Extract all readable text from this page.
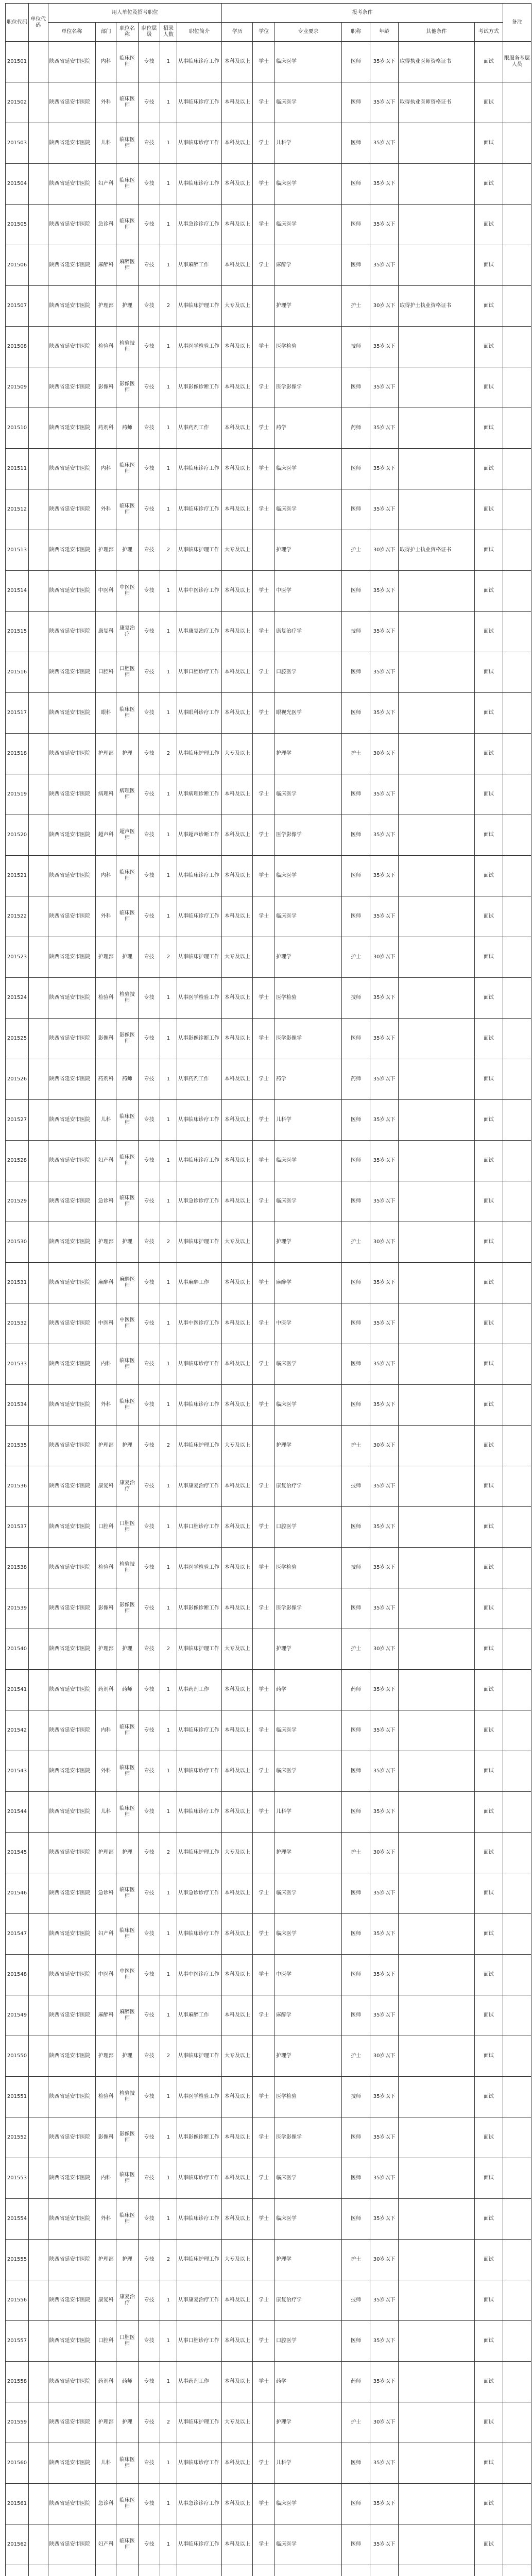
职位代码	单位代码	用人单位及招考职位						报考条件							备注
		单位名称	部门	职位名称	职位层级	招录人数	职位简介	学历	学位	专业要求	职称	年龄	其他条件	考试方式	
201501		陕西省延安市医院	内科	临床医师	专技	1	从事临床诊疗工作	本科及以上	学士	临床医学	医师	35岁以下	取得执业医师资格证书	面试	限服务基层人员
201502		陕西省延安市医院	外科	临床医师	专技	1	从事临床诊疗工作	本科及以上	学士	临床医学	医师	35岁以下	取得执业医师资格证书	面试	
201503		陕西省延安市医院	儿科	临床医师	专技	1	从事临床诊疗工作	本科及以上	学士	儿科学	医师	35岁以下		面试	
201504		陕西省延安市医院	妇产科	临床医师	专技	1	从事临床诊疗工作	本科及以上	学士	临床医学	医师	35岁以下		面试	
201505		陕西省延安市医院	急诊科	临床医师	专技	1	从事急诊诊疗工作	本科及以上	学士	临床医学	医师	35岁以下		面试	
201506		陕西省延安市医院	麻醉科	麻醉医师	专技	1	从事麻醉工作	本科及以上	学士	麻醉学	医师	35岁以下		面试	
201507		陕西省延安市医院	护理部	护理	专技	2	从事临床护理工作	大专及以上		护理学	护士	30岁以下	取得护士执业资格证书	面试	
201508		陕西省延安市医院	检验科	检验技师	专技	1	从事医学检验工作	本科及以上	学士	医学检验	技师	35岁以下		面试	
201509		陕西省延安市医院	影像科	影像医师	专技	1	从事影像诊断工作	本科及以上	学士	医学影像学	医师	35岁以下		面试	
201510		陕西省延安市医院	药剂科	药师	专技	1	从事药剂工作	本科及以上	学士	药学	药师	35岁以下		面试	
201511		陕西省延安市医院	内科	临床医师	专技	1	从事临床诊疗工作	本科及以上	学士	临床医学	医师	35岁以下		面试	
201512		陕西省延安市医院	外科	临床医师	专技	1	从事临床诊疗工作	本科及以上	学士	临床医学	医师	35岁以下		面试	
201513		陕西省延安市医院	护理部	护理	专技	2	从事临床护理工作	大专及以上		护理学	护士	30岁以下	取得护士执业资格证书	面试	
201514		陕西省延安市医院	中医科	中医医师	专技	1	从事中医诊疗工作	本科及以上	学士	中医学	医师	35岁以下		面试	
201515		陕西省延安市医院	康复科	康复治疗	专技	1	从事康复治疗工作	本科及以上	学士	康复治疗学	技师	35岁以下		面试	
201516		陕西省延安市医院	口腔科	口腔医师	专技	1	从事口腔诊疗工作	本科及以上	学士	口腔医学	医师	35岁以下		面试	
201517		陕西省延安市医院	眼科	临床医师	专技	1	从事眼科诊疗工作	本科及以上	学士	眼视光医学	医师	35岁以下		面试	
201518		陕西省延安市医院	护理部	护理	专技	2	从事临床护理工作	大专及以上		护理学	护士	30岁以下		面试	
201519		陕西省延安市医院	病理科	病理医师	专技	1	从事病理诊断工作	本科及以上	学士	临床医学	医师	35岁以下		面试	
201520		陕西省延安市医院	超声科	超声医师	专技	1	从事超声诊断工作	本科及以上	学士	医学影像学	医师	35岁以下		面试	
201521		陕西省延安市医院	内科	临床医师	专技	1	从事临床诊疗工作	本科及以上	学士	临床医学	医师	35岁以下		面试	
201522		陕西省延安市医院	外科	临床医师	专技	1	从事临床诊疗工作	本科及以上	学士	临床医学	医师	35岁以下		面试	
201523		陕西省延安市医院	护理部	护理	专技	2	从事临床护理工作	大专及以上		护理学	护士	30岁以下		面试	
201524		陕西省延安市医院	检验科	检验技师	专技	1	从事医学检验工作	本科及以上	学士	医学检验	技师	35岁以下		面试	
201525		陕西省延安市医院	影像科	影像医师	专技	1	从事影像诊断工作	本科及以上	学士	医学影像学	医师	35岁以下		面试	
201526		陕西省延安市医院	药剂科	药师	专技	1	从事药剂工作	本科及以上	学士	药学	药师	35岁以下		面试	
201527		陕西省延安市医院	儿科	临床医师	专技	1	从事临床诊疗工作	本科及以上	学士	儿科学	医师	35岁以下		面试	
201528		陕西省延安市医院	妇产科	临床医师	专技	1	从事临床诊疗工作	本科及以上	学士	临床医学	医师	35岁以下		面试	
201529		陕西省延安市医院	急诊科	临床医师	专技	1	从事急诊诊疗工作	本科及以上	学士	临床医学	医师	35岁以下		面试	
201530		陕西省延安市医院	护理部	护理	专技	2	从事临床护理工作	大专及以上		护理学	护士	30岁以下		面试	
201531		陕西省延安市医院	麻醉科	麻醉医师	专技	1	从事麻醉工作	本科及以上	学士	麻醉学	医师	35岁以下		面试	
201532		陕西省延安市医院	中医科	中医医师	专技	1	从事中医诊疗工作	本科及以上	学士	中医学	医师	35岁以下		面试	
201533		陕西省延安市医院	内科	临床医师	专技	1	从事临床诊疗工作	本科及以上	学士	临床医学	医师	35岁以下		面试	
201534		陕西省延安市医院	外科	临床医师	专技	1	从事临床诊疗工作	本科及以上	学士	临床医学	医师	35岁以下		面试	
201535		陕西省延安市医院	护理部	护理	专技	2	从事临床护理工作	大专及以上		护理学	护士	30岁以下		面试	
201536		陕西省延安市医院	康复科	康复治疗	专技	1	从事康复治疗工作	本科及以上	学士	康复治疗学	技师	35岁以下		面试	
201537		陕西省延安市医院	口腔科	口腔医师	专技	1	从事口腔诊疗工作	本科及以上	学士	口腔医学	医师	35岁以下		面试	
201538		陕西省延安市医院	检验科	检验技师	专技	1	从事医学检验工作	本科及以上	学士	医学检验	技师	35岁以下		面试	
201539		陕西省延安市医院	影像科	影像医师	专技	1	从事影像诊断工作	本科及以上	学士	医学影像学	医师	35岁以下		面试	
201540		陕西省延安市医院	护理部	护理	专技	2	从事临床护理工作	大专及以上		护理学	护士	30岁以下		面试	
201541		陕西省延安市医院	药剂科	药师	专技	1	从事药剂工作	本科及以上	学士	药学	药师	35岁以下		面试	
201542		陕西省延安市医院	内科	临床医师	专技	1	从事临床诊疗工作	本科及以上	学士	临床医学	医师	35岁以下		面试	
201543		陕西省延安市医院	外科	临床医师	专技	1	从事临床诊疗工作	本科及以上	学士	临床医学	医师	35岁以下		面试	
201544		陕西省延安市医院	儿科	临床医师	专技	1	从事临床诊疗工作	本科及以上	学士	儿科学	医师	35岁以下		面试	
201545		陕西省延安市医院	护理部	护理	专技	2	从事临床护理工作	大专及以上		护理学	护士	30岁以下		面试	
201546		陕西省延安市医院	急诊科	临床医师	专技	1	从事急诊诊疗工作	本科及以上	学士	临床医学	医师	35岁以下		面试	
201547		陕西省延安市医院	妇产科	临床医师	专技	1	从事临床诊疗工作	本科及以上	学士	临床医学	医师	35岁以下		面试	
201548		陕西省延安市医院	中医科	中医医师	专技	1	从事中医诊疗工作	本科及以上	学士	中医学	医师	35岁以下		面试	
201549		陕西省延安市医院	麻醉科	麻醉医师	专技	1	从事麻醉工作	本科及以上	学士	麻醉学	医师	35岁以下		面试	
201550		陕西省延安市医院	护理部	护理	专技	2	从事临床护理工作	大专及以上		护理学	护士	30岁以下		面试	
201551		陕西省延安市医院	检验科	检验技师	专技	1	从事医学检验工作	本科及以上	学士	医学检验	技师	35岁以下		面试	
201552		陕西省延安市医院	影像科	影像医师	专技	1	从事影像诊断工作	本科及以上	学士	医学影像学	医师	35岁以下		面试	
201553		陕西省延安市医院	内科	临床医师	专技	1	从事临床诊疗工作	本科及以上	学士	临床医学	医师	35岁以下		面试	
201554		陕西省延安市医院	外科	临床医师	专技	1	从事临床诊疗工作	本科及以上	学士	临床医学	医师	35岁以下		面试	
201555		陕西省延安市医院	护理部	护理	专技	2	从事临床护理工作	大专及以上		护理学	护士	30岁以下		面试	
201556		陕西省延安市医院	康复科	康复治疗	专技	1	从事康复治疗工作	本科及以上	学士	康复治疗学	技师	35岁以下		面试	
201557		陕西省延安市医院	口腔科	口腔医师	专技	1	从事口腔诊疗工作	本科及以上	学士	口腔医学	医师	35岁以下		面试	
201558		陕西省延安市医院	药剂科	药师	专技	1	从事药剂工作	本科及以上	学士	药学	药师	35岁以下		面试	
201559		陕西省延安市医院	护理部	护理	专技	2	从事临床护理工作	大专及以上		护理学	护士	30岁以下		面试	
201560		陕西省延安市医院	儿科	临床医师	专技	1	从事临床诊疗工作	本科及以上	学士	儿科学	医师	35岁以下		面试	
201561		陕西省延安市医院	急诊科	临床医师	专技	1	从事急诊诊疗工作	本科及以上	学士	临床医学	医师	35岁以下		面试	
201562		陕西省延安市医院	妇产科	临床医师	专技	1	从事临床诊疗工作	本科及以上	学士	临床医学	医师	35岁以下		面试	
